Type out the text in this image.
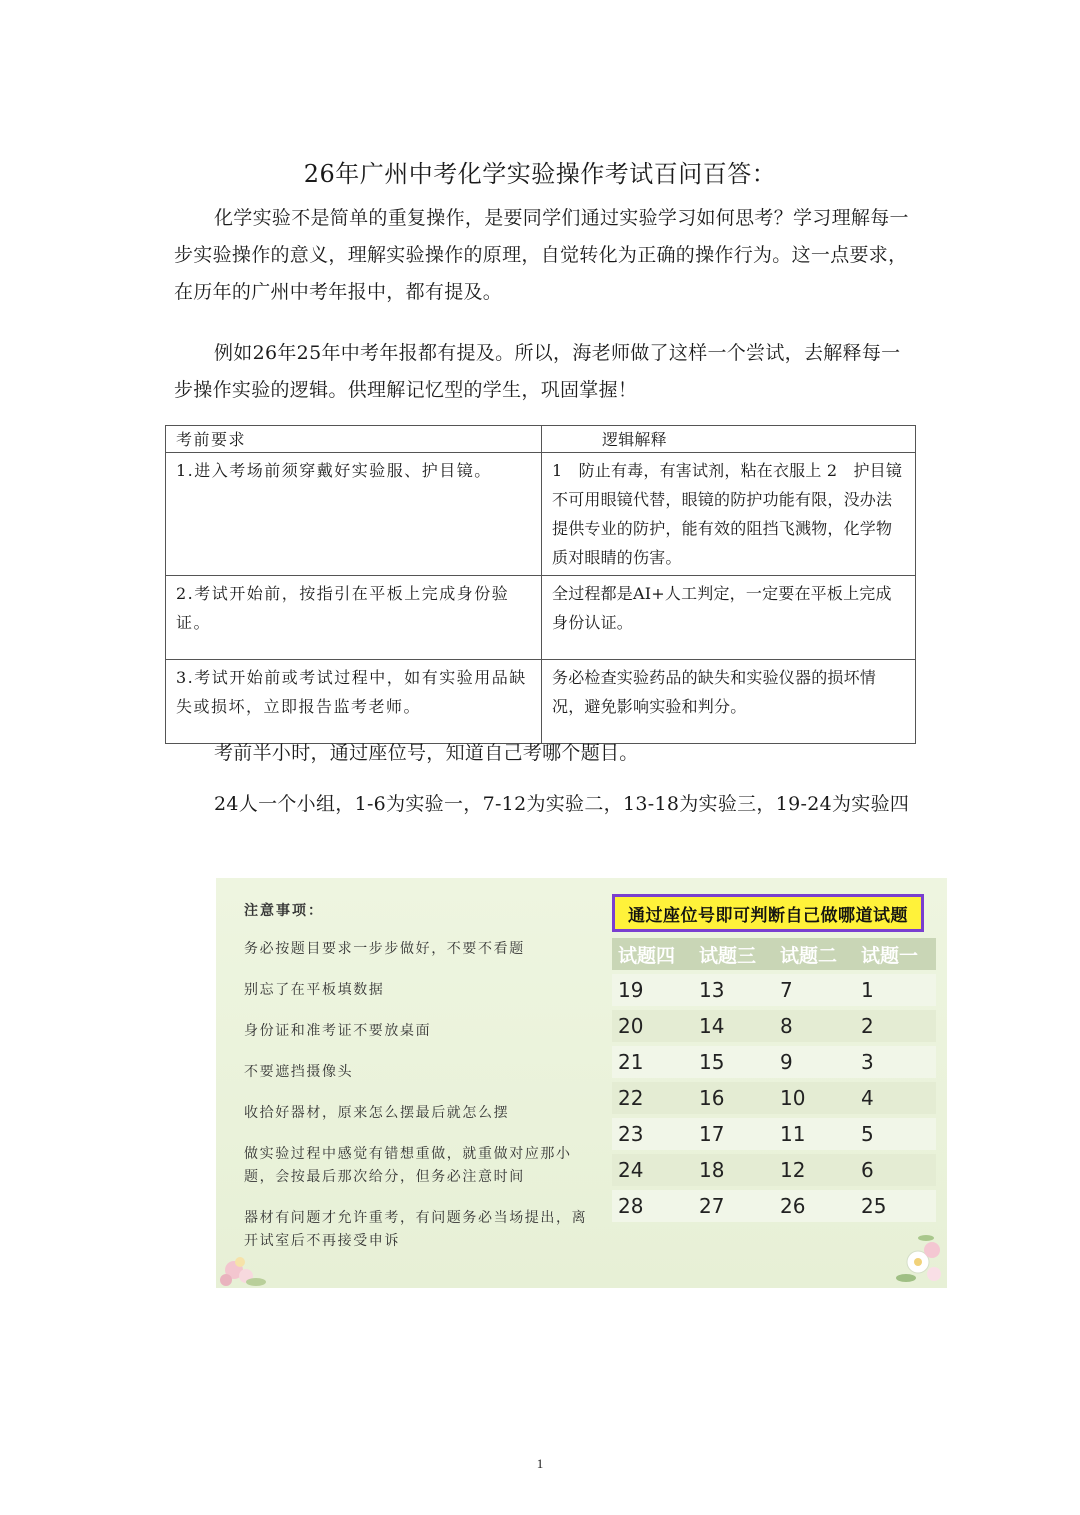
26年广州中考化学实验操作考试百问百答：
化学实验不是简单的重复操作，是要同学们通过实验学习如何思考？学习理解每一步实验操作的意义，理解实验操作的原理，自觉转化为正确的操作行为。这一点要求，在历年的广州中考年报中，都有提及。
例如26年25年中考年报都有提及。所以，海老师做了这样一个尝试，去解释每一步操作实验的逻辑。供理解记忆型的学生，巩固掌握！
考前要求	逻辑解释
1.进入考场前须穿戴好实验服、护目镜。	1　防止有毒，有害试剂，粘在衣服上 2　护目镜不可用眼镜代替，眼镜的防护功能有限，没办法提供专业的防护，能有效的阻挡飞溅物，化学物质对眼睛的伤害。
2.考试开始前，按指引在平板上完成身份验证。	全过程都是AI+人工判定，一定要在平板上完成身份认证。
3.考试开始前或考试过程中，如有实验用品缺失或损坏，立即报告监考老师。	务必检查实验药品的缺失和实验仪器的损坏情况，避免影响实验和判分。
考前半小时，通过座位号，知道自己考哪个题目。
24人一个小组，1-6为实验一，7-12为实验二，13-18为实验三，19-24为实验四
注意事项：
务必按题目要求一步步做好，不要不看题
别忘了在平板填数据
身份证和准考证不要放桌面
不要遮挡摄像头
收拾好器材，原来怎么摆最后就怎么摆
做实验过程中感觉有错想重做，就重做对应那小题，会按最后那次给分，但务必注意时间
器材有问题才允许重考，有问题务必当场提出，离开试室后不再接受申诉
通过座位号即可判断自己做哪道试题
试题四	试题三	试题二	试题一
19	13	7	1
20	14	8	2
21	15	9	3
22	16	10	4
23	17	11	5
24	18	12	6
28	27	26	25
1
